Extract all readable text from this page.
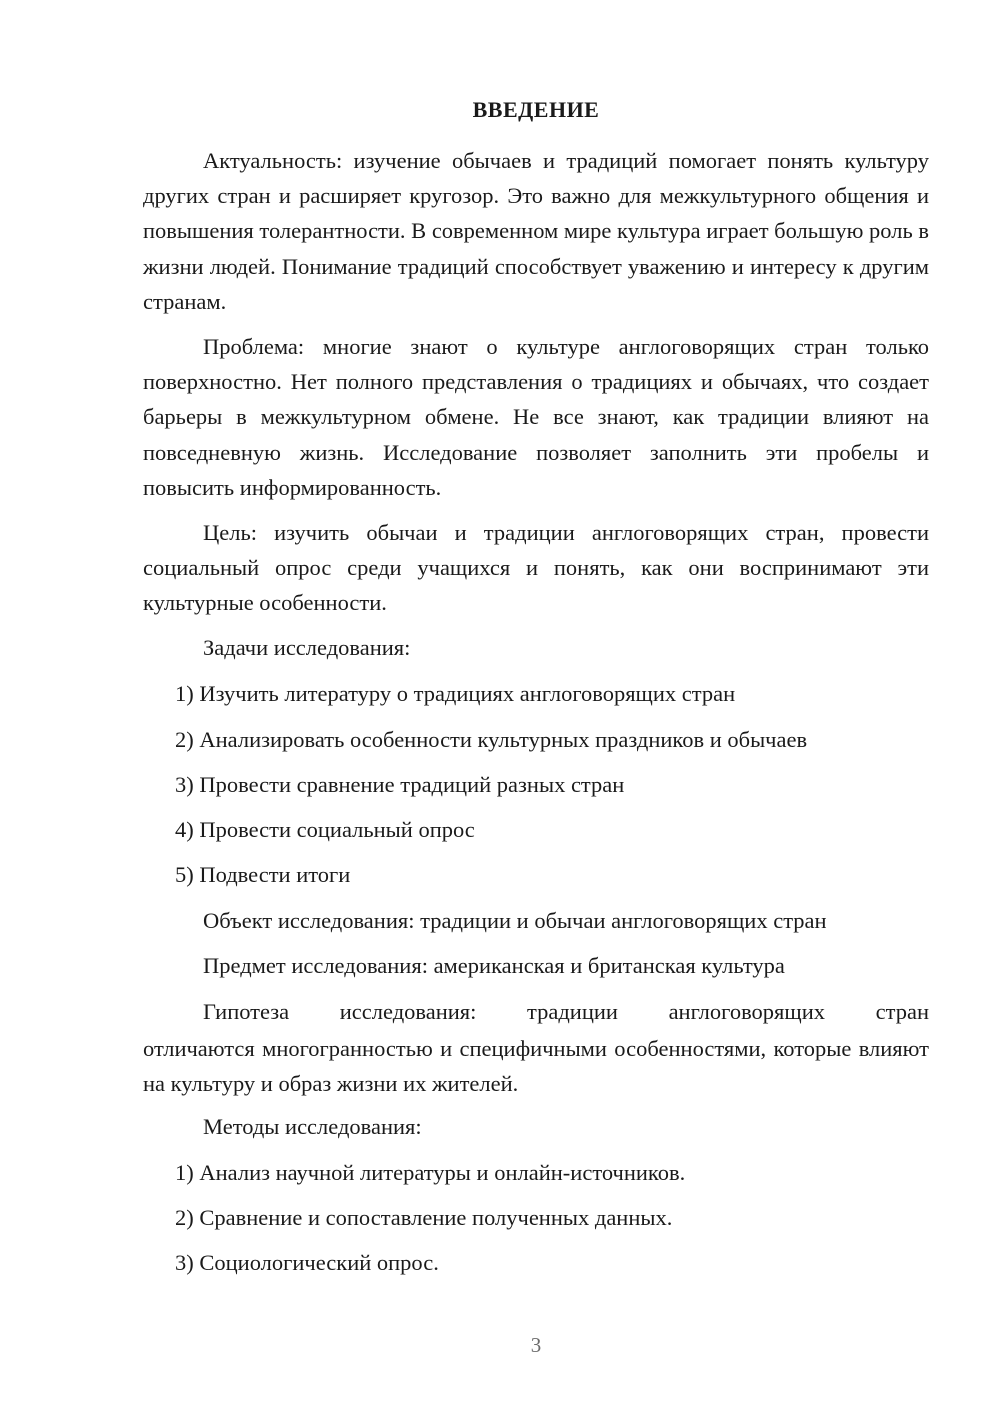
ВВЕДЕНИЕ

Актуальность: изучение обычаев и традиций помогает понять культуру других стран и расширяет кругозор. Это важно для межкультурного общения и повышения толерантности. В современном мире культура играет большую роль в жизни людей. Понимание традиций способствует уважению и интересу к другим странам.

Проблема: многие знают о культуре англоговорящих стран только поверхностно. Нет полного представления о традициях и обычаях, что создает барьеры в межкультурном обмене. Не все знают, как традиции влияют на повседневную жизнь. Исследование позволяет заполнить эти пробелы и повысить информированность.

Цель: изучить обычаи и традиции англоговорящих стран, провести социальный опрос среди учащихся и понять, как они воспринимают эти культурные особенности.

Задачи исследования:
1) Изучить литературу о традициях англоговорящих стран
2) Анализировать особенности культурных праздников и обычаев
3) Провести сравнение традиций разных стран
4) Провести социальный опрос
5) Подвести итоги
Объект исследования: традиции и обычаи англоговорящих стран
Предмет исследования: американская и британская культура

Гипотеза исследования: традиции англоговорящих стран

отличаются многогранностью и специфичными особенностями, которые влияют на культуру и образ жизни их жителей.

Методы исследования:
1) Анализ научной литературы и онлайн-источников.
2) Сравнение и сопоставление полученных данных.
3) Социологический опрос.
3
